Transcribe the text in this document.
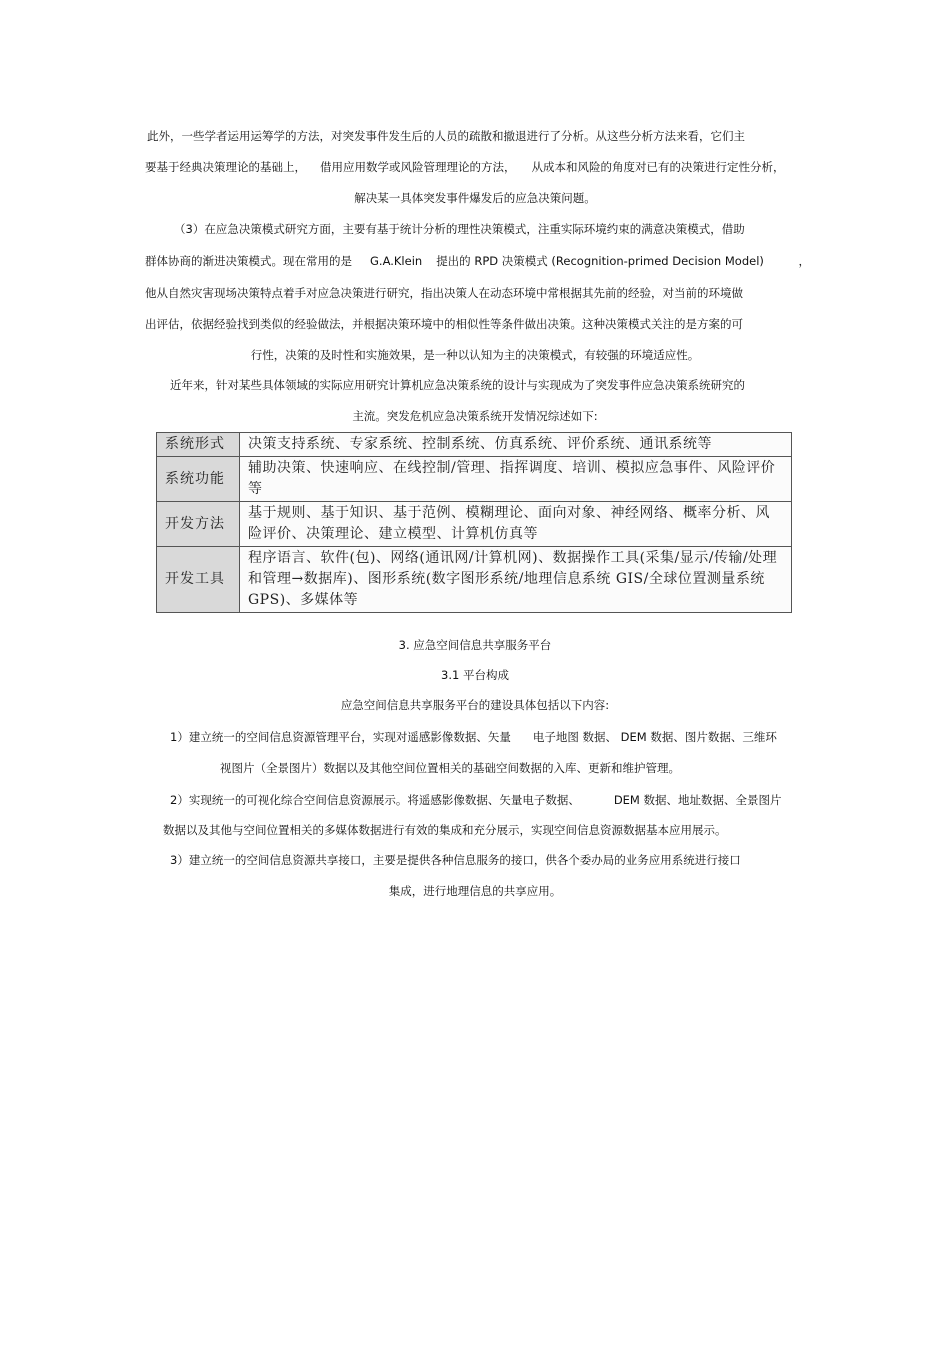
此外，一些学者运用运筹学的方法，对突发事件发生后的人员的疏散和撤退进行了分析。从这些分析方法来看，它们主
要基于经典决策理论的基础上， 借用应用数学或风险管理理论的方法， 从成本和风险的角度对已有的决策进行定性分析，
解决某一具体突发事件爆发后的应急决策问题。
（3）在应急决策模式研究方面，主要有基于统计分析的理性决策模式，注重实际环境约束的满意决策模式，借助
群体协商的渐进决策模式。现在常用的是 G.A.Klein 提出的 RPD 决策模式 (Recognition-primed Decision Model)	，
他从自然灾害现场决策特点着手对应急决策进行研究，指出决策人在动态环境中常根据其先前的经验，对当前的环境做
出评估，依据经验找到类似的经验做法，并根据决策环境中的相似性等条件做出决策。这种决策模式关注的是方案的可
行性，决策的及时性和实施效果，是一种以认知为主的决策模式，有较强的环境适应性。
近年来，针对某些具体领域的实际应用研究计算机应急决策系统的设计与实现成为了突发事件应急决策系统研究的
主流。突发危机应急决策系统开发情况综述如下:
系统形式	决策支持系统、专家系统、控制系统、仿真系统、评价系统、通讯系统等
系统功能	辅助决策、快速响应、在线控制/管理、指挥调度、培训、模拟应急事件、风险评价等
开发方法	基于规则、基于知识、基于范例、模糊理论、面向对象、神经网络、概率分析、风险评价、决策理论、建立模型、计算机仿真等
开发工具	程序语言、软件(包)、网络(通讯网/计算机网)、数据操作工具(采集/显示/传输/处理和管理→数据库)、图形系统(数字图形系统/地理信息系统 GIS/全球位置测量系统 GPS)、多媒体等
3. 应急空间信息共享服务平台
3.1 平台构成
应急空间信息共享服务平台的建设具体包括以下内容:
1）建立统一的空间信息资源管理平台，实现对遥感影像数据、矢量 电子地图 数据、 DEM 数据、图片数据、三维环
视图片（全景图片）数据以及其他空间位置相关的基础空间数据的入库、更新和维护管理。
2）实现统一的可视化综合空间信息资源展示。将遥感影像数据、矢量电子数据、	DEM 数据、地址数据、全景图片
数据以及其他与空间位置相关的多媒体数据进行有效的集成和充分展示，实现空间信息资源数据基本应用展示。
3）建立统一的空间信息资源共享接口，主要是提供各种信息服务的接口，供各个委办局的业务应用系统进行接口
集成，进行地理信息的共享应用。
